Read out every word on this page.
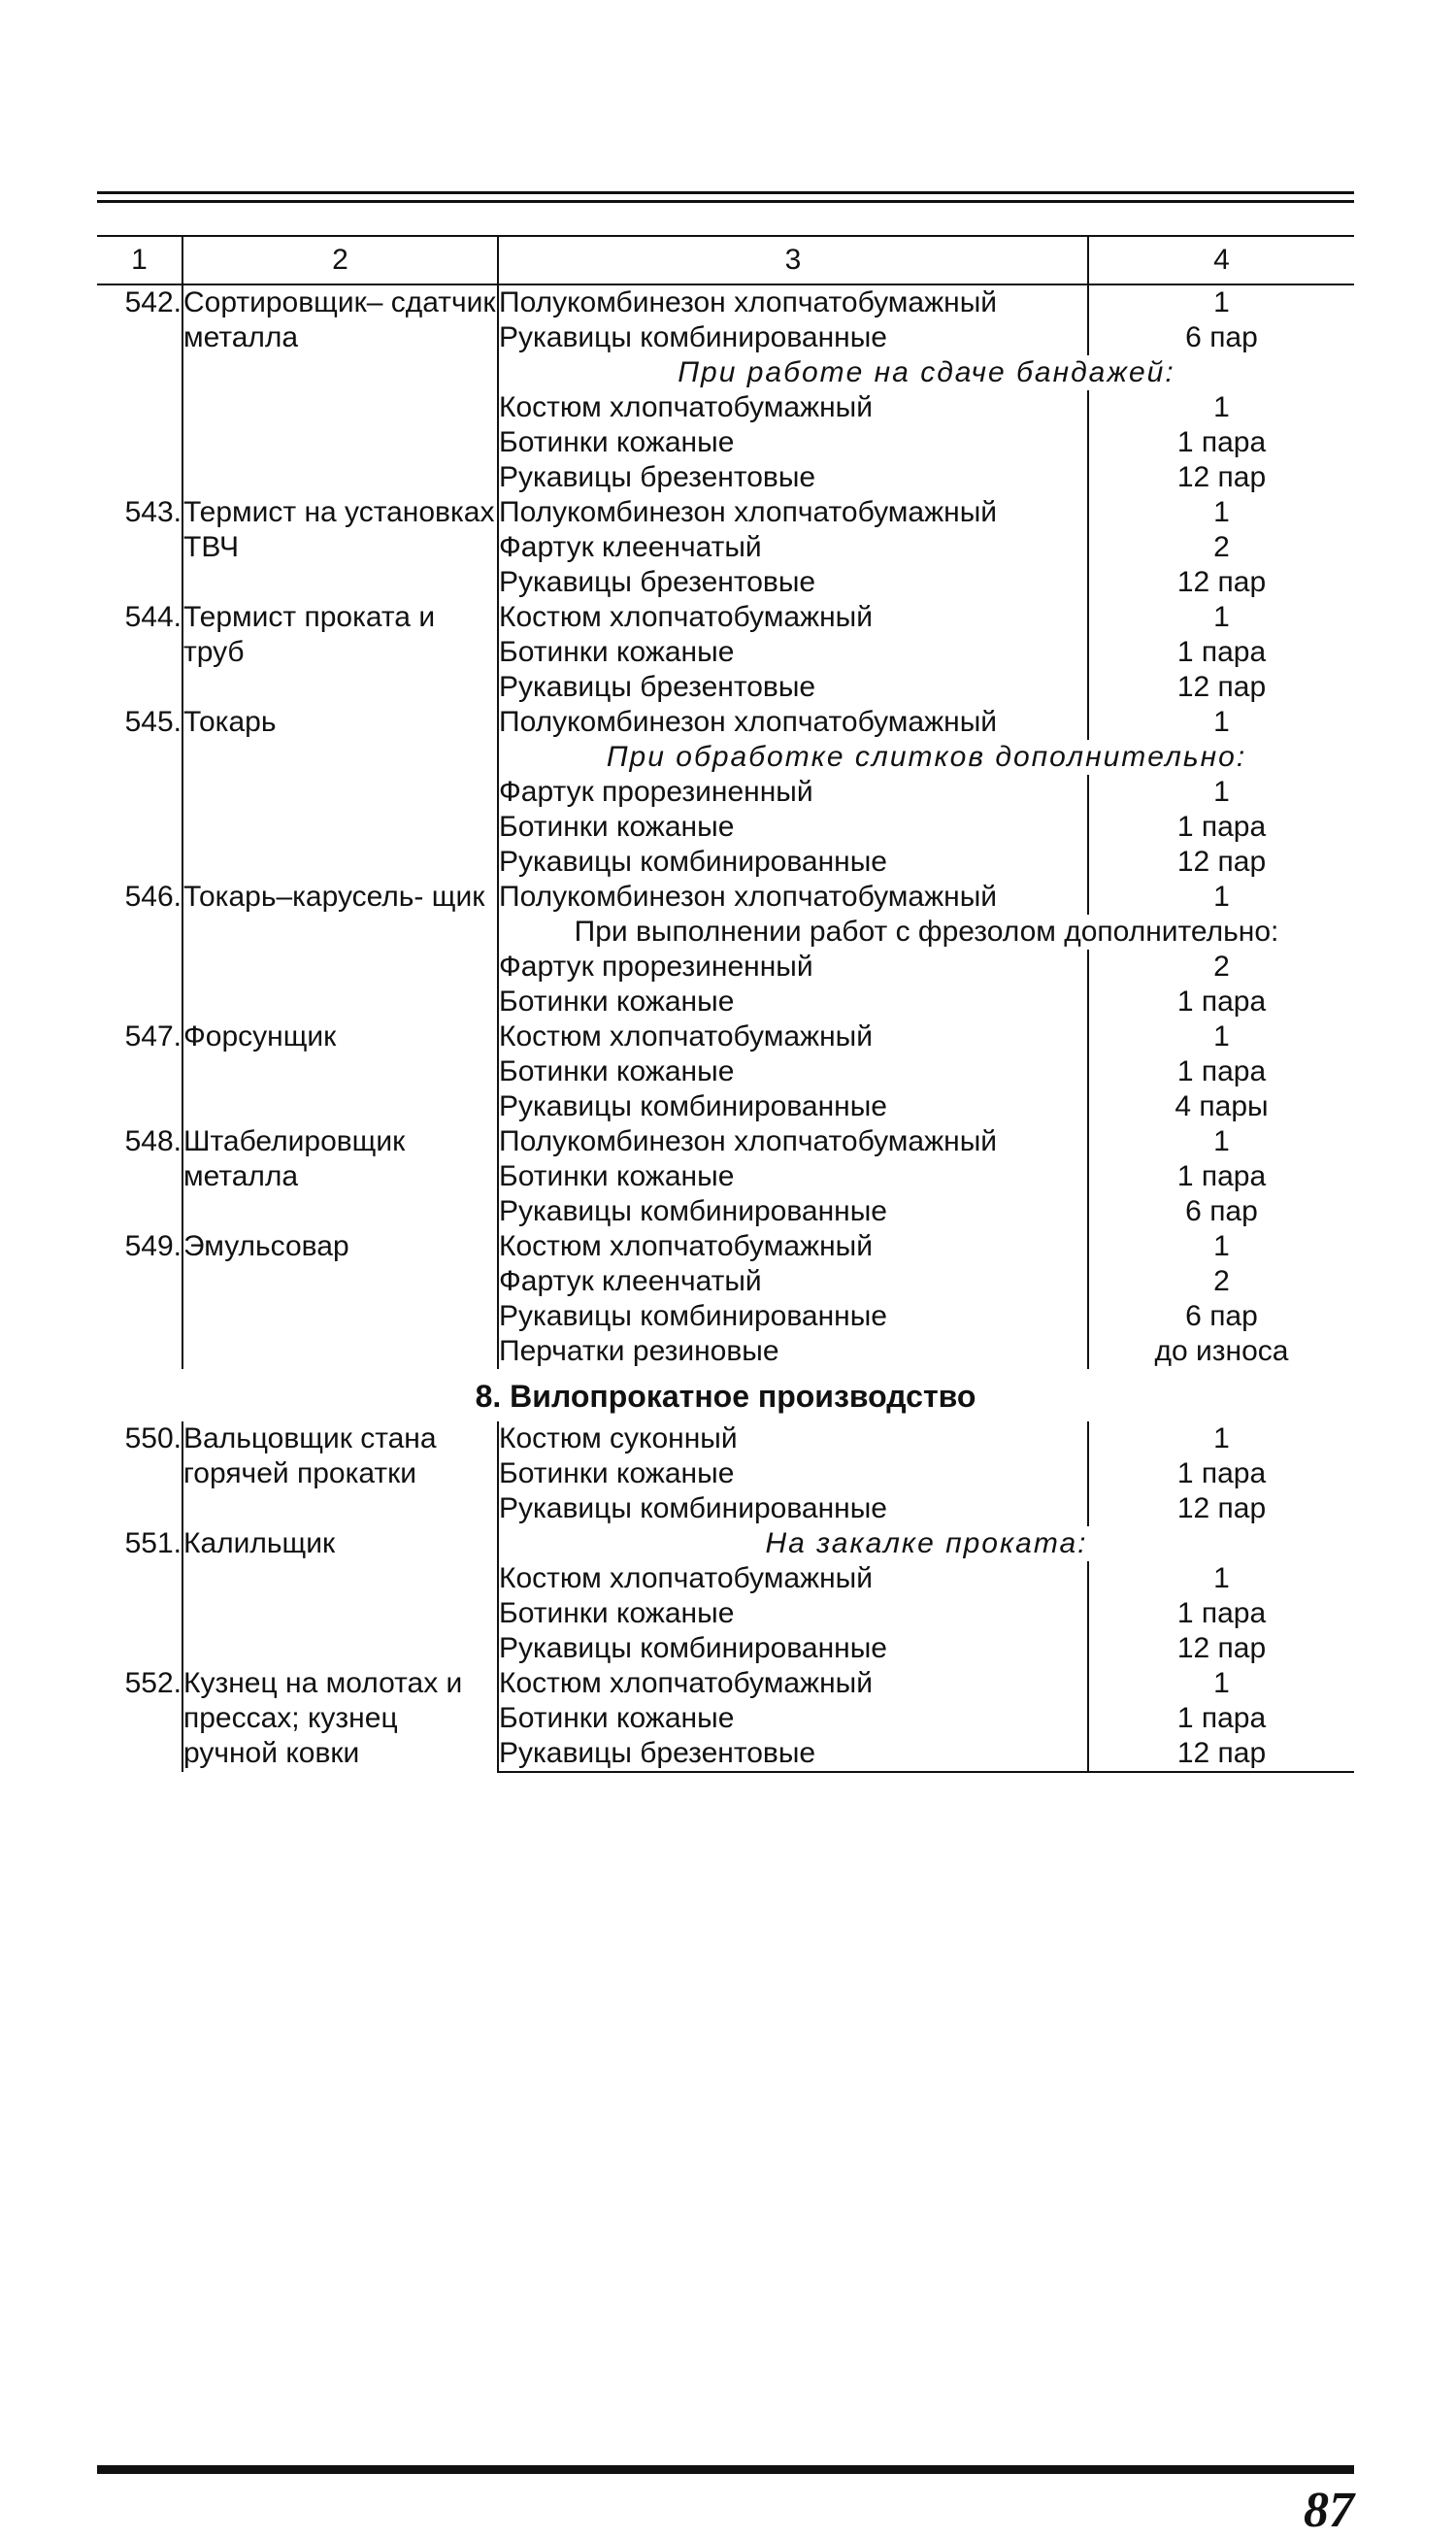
1	2	3	4
542.	Сортировщик– сдатчик металла	Полукомбинезон хлопчатобумажный	1
		Рукавицы комбинированные	6 пар
		При работе на сдаче бандажей:	
		Костюм хлопчатобумажный	1
		Ботинки кожаные	1 пара
		Рукавицы брезентовые	12 пар
543.	Термист на установках ТВЧ	Полукомбинезон хлопчатобумажный	1
		Фартук клеенчатый	2
		Рукавицы брезентовые	12 пар
544.	Термист проката и труб	Костюм хлопчатобумажный	1
		Ботинки кожаные	1 пара
		Рукавицы брезентовые	12 пар
545.	Токарь	Полукомбинезон хлопчатобумажный	1
		При обработке слитков дополнительно:	
		Фартук прорезиненный	1
		Ботинки кожаные	1 пара
		Рукавицы комбинированные	12 пар
546.	Токарь–карусель- щик	Полукомбинезон хлопчатобумажный	1
		При выполнении работ с фрезолом дополнительно:	
		Фартук прорезиненный	2
		Ботинки кожаные	1 пара
547.	Форсунщик	Костюм хлопчатобумажный	1
		Ботинки кожаные	1 пара
		Рукавицы комбинированные	4 пары
548.	Штабелировщик металла	Полукомбинезон хлопчатобумажный	1
		Ботинки кожаные	1 пара
		Рукавицы комбинированные	6 пар
549.	Эмульсовар	Костюм хлопчатобумажный	1
		Фартук клеенчатый	2
		Рукавицы комбинированные	6 пар
		Перчатки резиновые	до износа
8. Вилопрокатное производство			
550.	Вальцовщик стана горячей прокатки	Костюм суконный	1
		Ботинки кожаные	1 пара
		Рукавицы комбинированные	12 пар
551.	Калильщик	На закалке проката:	
		Костюм хлопчатобумажный	1
		Ботинки кожаные	1 пара
		Рукавицы комбинированные	12 пар
552.	Кузнец на молотах и прессах; кузнец ручной ковки	Костюм хлопчатобумажный	1
		Ботинки кожаные	1 пара
		Рукавицы брезентовые	12 пар
87
